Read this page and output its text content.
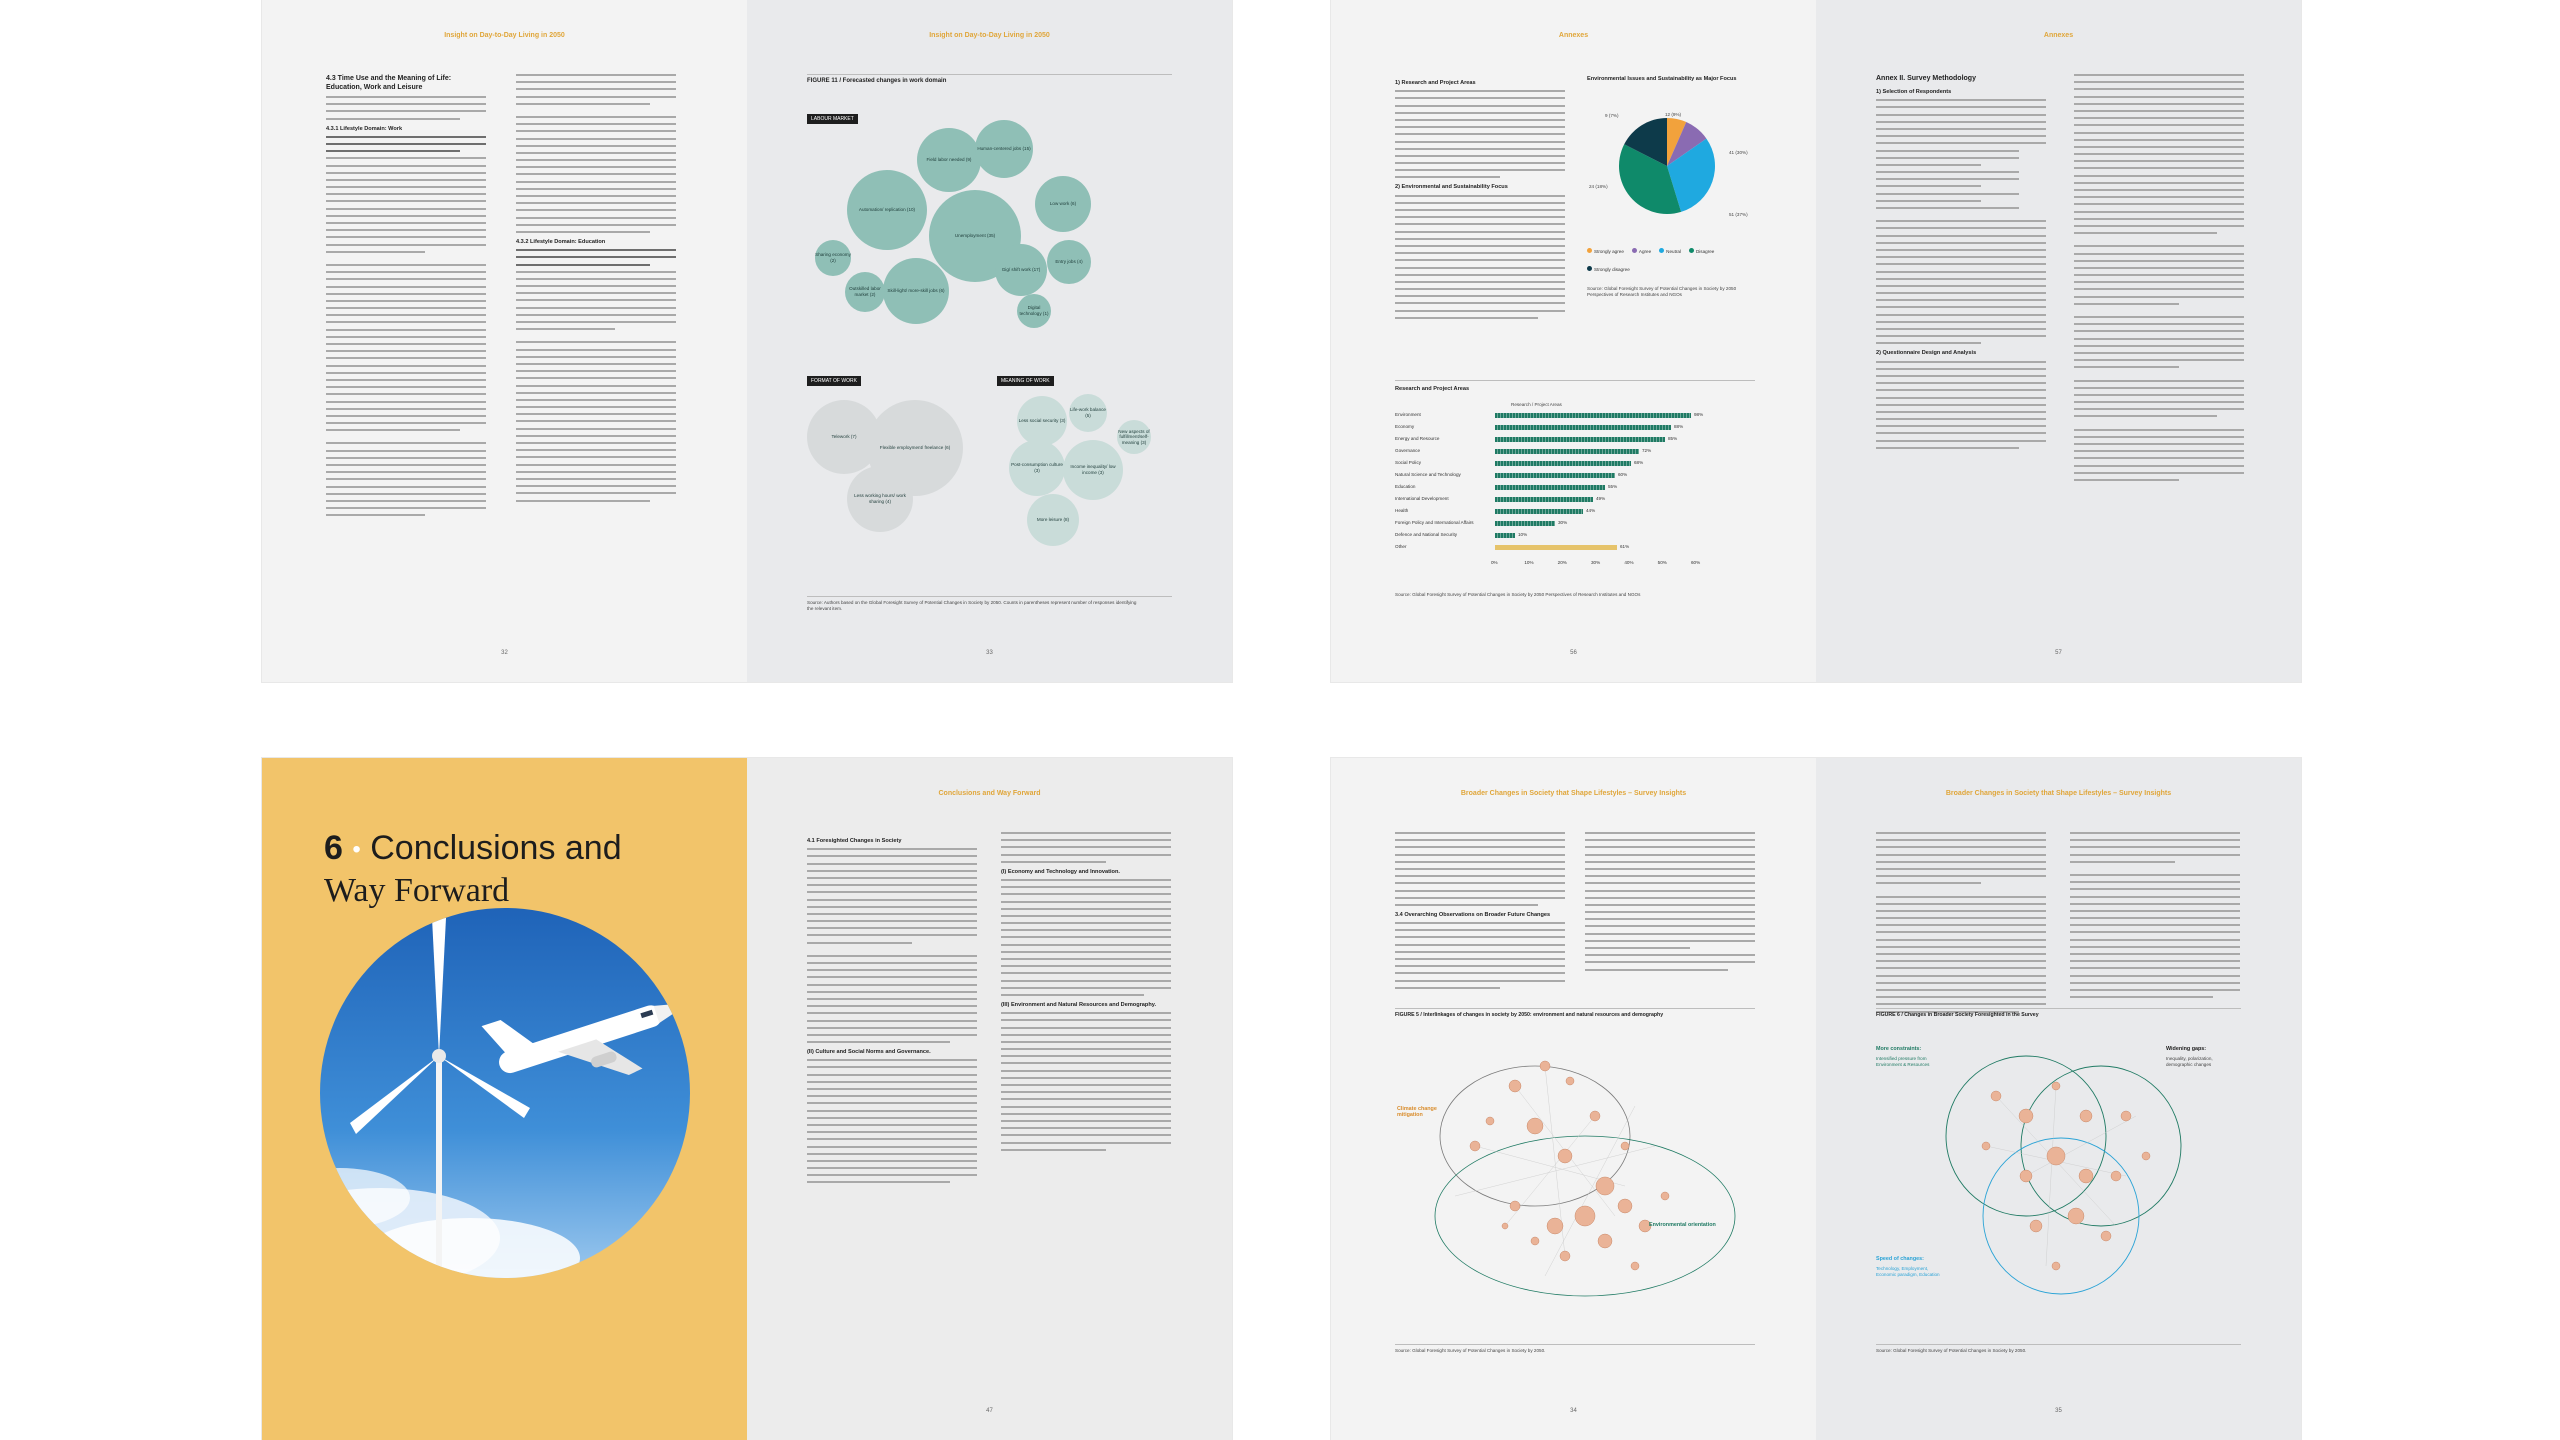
Insight on Day-to-Day Living in 2050
4.3 Time Use and the Meaning of Life: Education, Work and Leisure
4.3.1 Lifestyle Domain: Work
4.3.2 Lifestyle Domain: Education
32
Insight on Day-to-Day Living in 2050
FIGURE 11 / Forecasted changes in work domain
LABOUR MARKET
Field labor needed (9)
Human-centered jobs (15)
Automation/ replication (10)
Unemployment (35)
Low work (6)
Sharing economy (2)
Gig/ shift work (17)
Skill-light/ more-skill jobs (6)
Entry jobs (4)
Outskilled labor market (2)
Digital technology (1)
FORMAT OF WORK	MEANING OF WORK
Telework (7)
Flexible employment/ freelance (6)
Less working hours/ work sharing (4)
Less social security (3)
Life-work balance (5)
New aspects of fulfillment/self-meaning (3)
Post-consumption culture (3)
Income inequality/ low income (3)
More leisure (8)
Source: Authors based on the Global Foresight Survey of Potential Changes in Society by 2050. Counts in parentheses represent number of responses identifying the relevant item.
33
Annexes
1) Research and Project Areas
2) Environmental and Sustainability Focus
Environmental Issues and Sustainability as Major Focus
9 (7%)	12 (9%)
41 (30%)
24 (18%)
51 (37%)
Strongly agree	Agree	Neutral	DisagreeStrongly disagree
Source: Global Foresight Survey of Potential Changes in Society by 2050 Perspectives of Research Institutes and NGOs
Research and Project Areas
Research / Project Areas
Environment	98%
Economy	88%
Energy and Resource	85%
Governance	72%
Social Policy	68%
Natural Science and Technology	60%
Education	55%
International Development	49%
Health	44%
Foreign Policy and International Affairs	30%
Defence and National Security	10%
Other	61%
0%	10%	20%	30%	40%	50%	60%
Source: Global Foresight Survey of Potential Changes in Society by 2050 Perspectives of Research Institutes and NGOs
56
Annexes
Annex II. Survey Methodology
1) Selection of Respondents
2) Questionnaire Design and Analysis
57
6 • Conclusions and
Way Forward
Conclusions and Way Forward
4.1 Foresighted Changes in Society
(II) Culture and Social Norms and Governance.
(I) Economy and Technology and Innovation.
(III) Environment and Natural Resources and Demography.
47
Broader Changes in Society that Shape Lifestyles – Survey Insights
3.4 Overarching Observations on Broader Future Changes
FIGURE 5 / Interlinkages of changes in society by 2050: environment and natural resources and demography
Climate change mitigation
Environmental orientation
Source: Global Foresight Survey of Potential Changes in Society by 2050.
34
Broader Changes in Society that Shape Lifestyles – Survey Insights
FIGURE 6 / Changes in Broader Society Foresighted in the Survey
More constraints:
Intensified pressure from Environment & Resources
Widening gaps:
Inequality, polarization, demographic changes
Speed of changes:
Technology, Employment, Economic paradigm, Education
Source: Global Foresight Survey of Potential Changes in Society by 2050.
35
